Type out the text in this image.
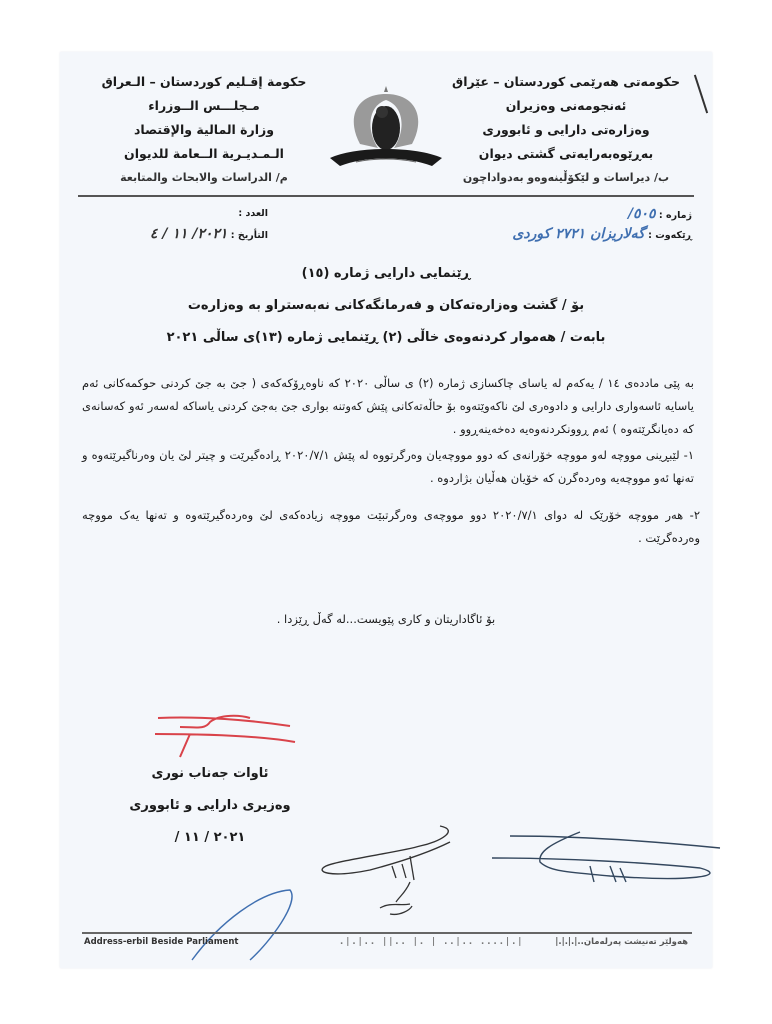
حکومەتی هەرێمی کوردستان – عێراق
ئەنجومەنی وەزیران
وەزارەتی دارایی و ئابووری
بەڕێوەبەرایەتی گشتی دیوان
ب/ دیراسات و لێکۆڵینەوەو بەدواداچون
حكومة إقـليم كوردستان – الـعراق
مـجلـــس الــوزراء
وزارة المالية والإقتصاد
الـمـديـرية الــعامة للديوان
م/ الدراسات والابحاث والمتابعة
ژمارە : ٥٠٥/
ڕێکەوت : گەلاریزان ٢٧٢١ کوردی
العدد :
التأريخ : ٢٠٢١/ ١١ / ٤
ڕێنمایی دارایی ژمارە (١٥)
بۆ / گشت وەزارەتەکان و فەرمانگەکانی نەبەستراو بە وەزارەت
بابەت / هەموار کردنەوەی خاڵی (٢) ڕێنمایی ژمارە (١٣)ی ساڵی ٢٠٢١
بە پێی ماددەی ١٤ / یەکەم لە یاسای چاکسازی ژمارە (٢) ی ساڵی ٢٠٢٠ کە ناوەڕۆکەکەی ( جێ بە جێ کردنی حوکمەکانی ئەم یاسایە ئاسەواری دارایی و دادوەری لێ ناکەوێتەوە بۆ حاڵەتەکانی پێش کەوتنە بواری جێ بەجێ کردنی یاساکە لەسەر ئەو کەسانەی کە دەیانگرێتەوە ) ئەم ڕوونکردنەوەیە دەخەینەڕوو .
١- لێبڕینی مووچە لەو مووچە خۆرانەی کە دوو مووچەیان وەرگرتووە لە پێش ٢٠٢٠/٧/١ ڕادەگیرێت و چیتر لێ یان وەرناگیرێتەوە و تەنها ئەو مووچەیە وەردەگرن کە خۆیان هەڵیان بژاردوە .
٢- هەر مووچە خۆرێک لە دوای ٢٠٢٠/٧/١ دوو مووچەی وەرگرتبێت مووچە زیادەکەی لێ وەردەگیرێتەوە و تەنها یەک مووچە وەردەگرێت .
بۆ ئاگاداریتان و کاری پێویست...لە گەڵ ڕێزدا .
ئاوات جەناب نوری
وەزیری دارایی و ئابووری
٢٠٢١ / ١١ /
Address-erbil Beside Parliament	.|.|.. ||.. |. | ..|.. ....|.|	|.|.|.|..هەولێر تەنیشت پەرلەمان
